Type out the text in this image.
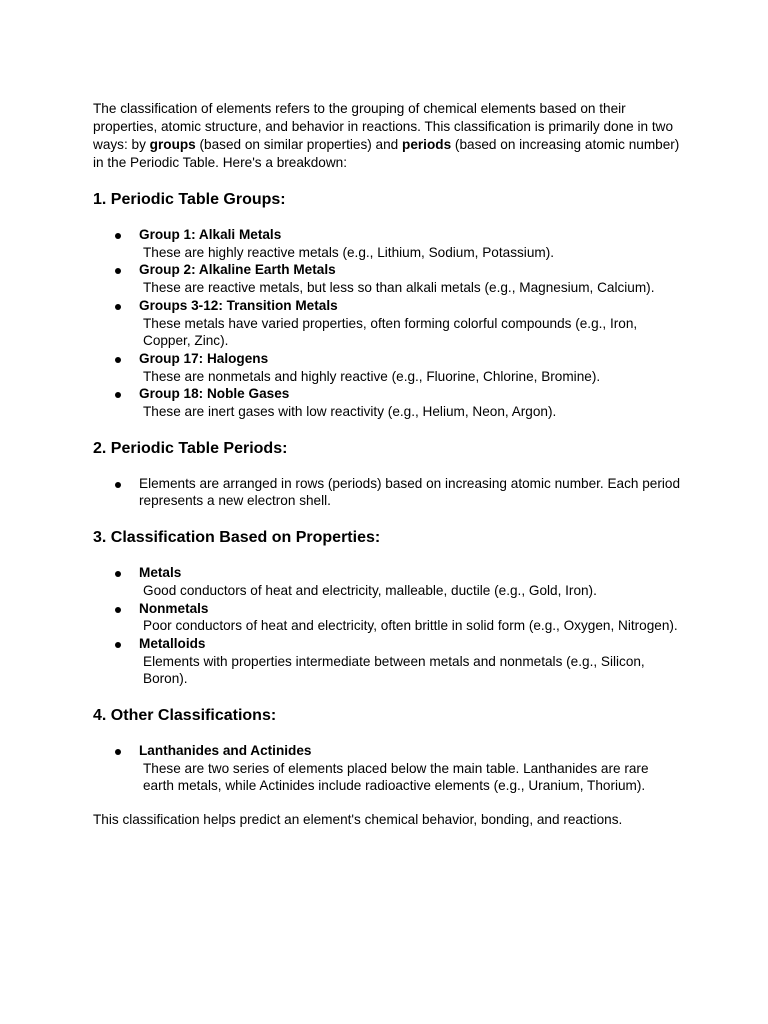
The classification of elements refers to the grouping of chemical elements based on their properties, atomic structure, and behavior in reactions. This classification is primarily done in two ways: by groups (based on similar properties) and periods (based on increasing atomic number) in the Periodic Table. Here's a breakdown:

1. Periodic Table Groups:
Group 1: Alkali Metals
These are highly reactive metals (e.g., Lithium, Sodium, Potassium).
Group 2: Alkaline Earth Metals
These are reactive metals, but less so than alkali metals (e.g., Magnesium, Calcium).
Groups 3-12: Transition Metals
These metals have varied properties, often forming colorful compounds (e.g., Iron, Copper, Zinc).
Group 17: Halogens
These are nonmetals and highly reactive (e.g., Fluorine, Chlorine, Bromine).
Group 18: Noble Gases
These are inert gases with low reactivity (e.g., Helium, Neon, Argon).
2. Periodic Table Periods:
Elements are arranged in rows (periods) based on increasing atomic number. Each period represents a new electron shell.
3. Classification Based on Properties:
Metals
Good conductors of heat and electricity, malleable, ductile (e.g., Gold, Iron).
Nonmetals
Poor conductors of heat and electricity, often brittle in solid form (e.g., Oxygen, Nitrogen).
Metalloids
Elements with properties intermediate between metals and nonmetals (e.g., Silicon, Boron).
4. Other Classifications:
Lanthanides and Actinides
These are two series of elements placed below the main table. Lanthanides are rare earth metals, while Actinides include radioactive elements (e.g., Uranium, Thorium).

This classification helps predict an element's chemical behavior, bonding, and reactions.
